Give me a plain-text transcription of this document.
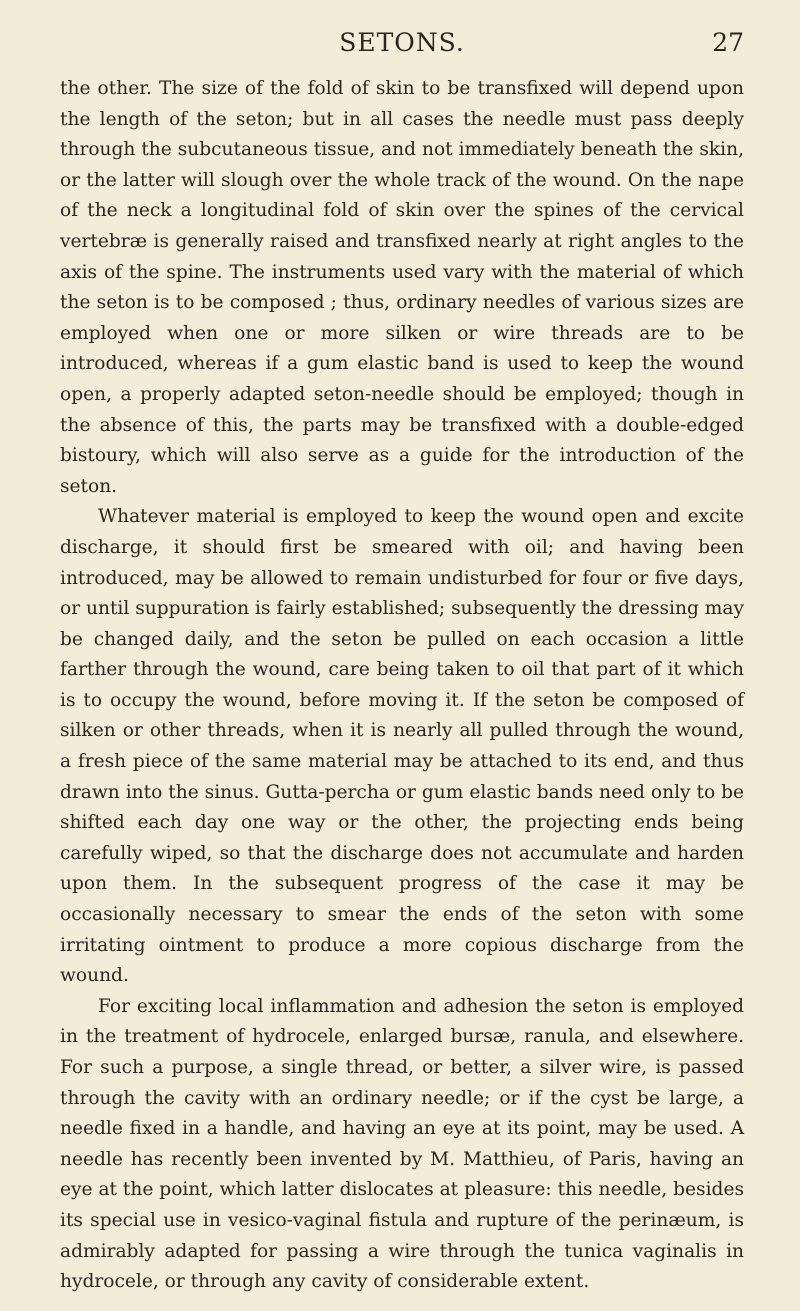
SETONS.	27

the other. The size of the fold of skin to be transfixed will depend upon the length of the seton; but in all cases the needle must pass deeply through the subcutaneous tissue, and not immediately beneath the skin, or the latter will slough over the whole track of the wound. On the nape of the neck a longitudinal fold of skin over the spines of the cervical vertebræ is generally raised and transfixed nearly at right angles to the axis of the spine. The instruments used vary with the material of which the seton is to be composed ; thus, ordinary needles of various sizes are employed when one or more silken or wire threads are to be introduced, whereas if a gum elastic band is used to keep the wound open, a properly adapted seton-needle should be employed; though in the absence of this, the parts may be transfixed with a double-edged bistoury, which will also serve as a guide for the introduction of the seton.

Whatever material is employed to keep the wound open and excite discharge, it should first be smeared with oil; and having been introduced, may be allowed to remain undisturbed for four or five days, or until suppuration is fairly established; subsequently the dressing may be changed daily, and the seton be pulled on each occasion a little farther through the wound, care being taken to oil that part of it which is to occupy the wound, before moving it. If the seton be composed of silken or other threads, when it is nearly all pulled through the wound, a fresh piece of the same material may be attached to its end, and thus drawn into the sinus. Gutta-percha or gum elastic bands need only to be shifted each day one way or the other, the projecting ends being carefully wiped, so that the discharge does not accumulate and harden upon them. In the subsequent progress of the case it may be occasionally necessary to smear the ends of the seton with some irritating ointment to produce a more copious discharge from the wound.

For exciting local inflammation and adhesion the seton is employed in the treatment of hydrocele, enlarged bursæ, ranula, and elsewhere. For such a purpose, a single thread, or better, a silver wire, is passed through the cavity with an ordinary needle; or if the cyst be large, a needle fixed in a handle, and having an eye at its point, may be used. A needle has recently been invented by M. Matthieu, of Paris, having an eye at the point, which latter dislocates at pleasure: this needle, besides its special use in vesico-vaginal fistula and rupture of the perinæum, is admirably adapted for passing a wire through the tunica vaginalis in hydrocele, or through any cavity of considerable extent.
